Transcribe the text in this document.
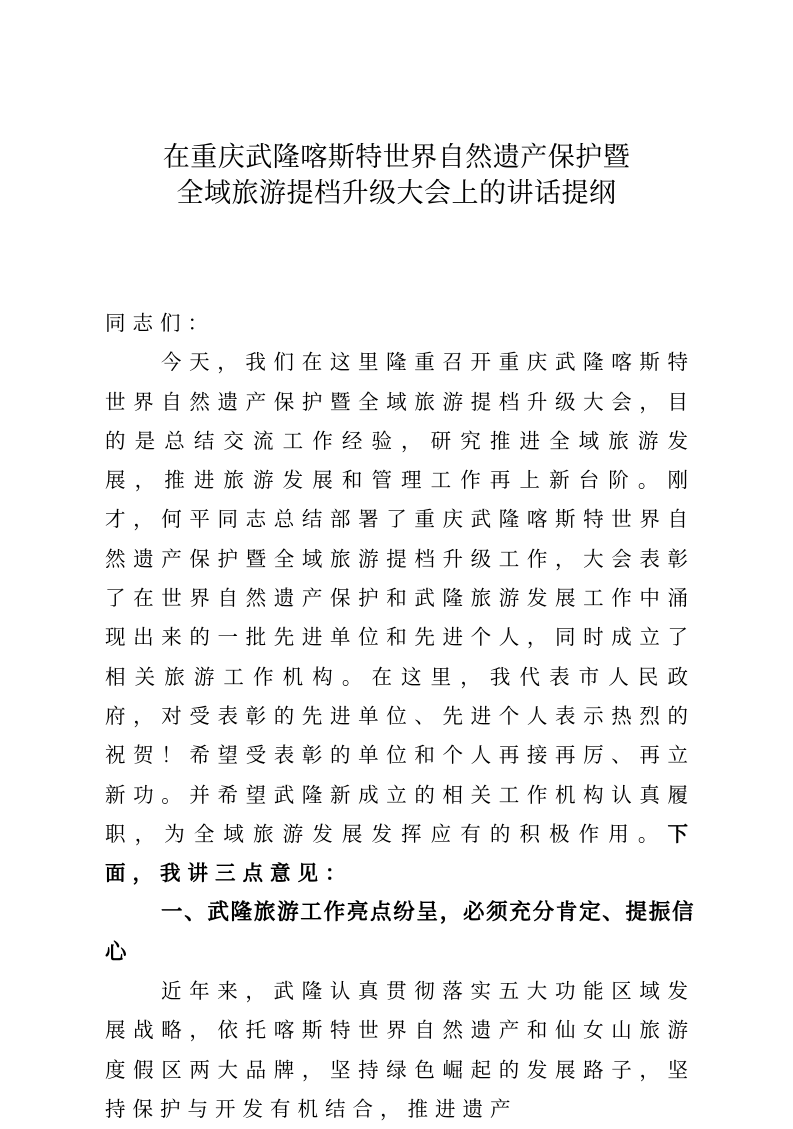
在重庆武隆喀斯特世界自然遗产保护暨
全域旅游提档升级大会上的讲话提纲

同志们：

今天，我们在这里隆重召开重庆武隆喀斯特世界自然遗产保护暨全域旅游提档升级大会，目的是总结交流工作经验，研究推进全域旅游发展，推进旅游发展和管理工作再上新台阶。刚才，何平同志总结部署了重庆武隆喀斯特世界自然遗产保护暨全域旅游提档升级工作，大会表彰了在世界自然遗产保护和武隆旅游发展工作中涌现出来的一批先进单位和先进个人，同时成立了相关旅游工作机构。在这里，我代表市人民政府，对受表彰的先进单位、先进个人表示热烈的祝贺！希望受表彰的单位和个人再接再厉、再立新功。并希望武隆新成立的相关工作机构认真履职，为全域旅游发展发挥应有的积极作用。下面，我讲三点意见：

一、武隆旅游工作亮点纷呈，必须充分肯定、提振信心

近年来，武隆认真贯彻落实五大功能区域发展战略，依托喀斯特世界自然遗产和仙女山旅游度假区两大品牌，坚持绿色崛起的发展路子，坚持保护与开发有机结合，推进遗产
